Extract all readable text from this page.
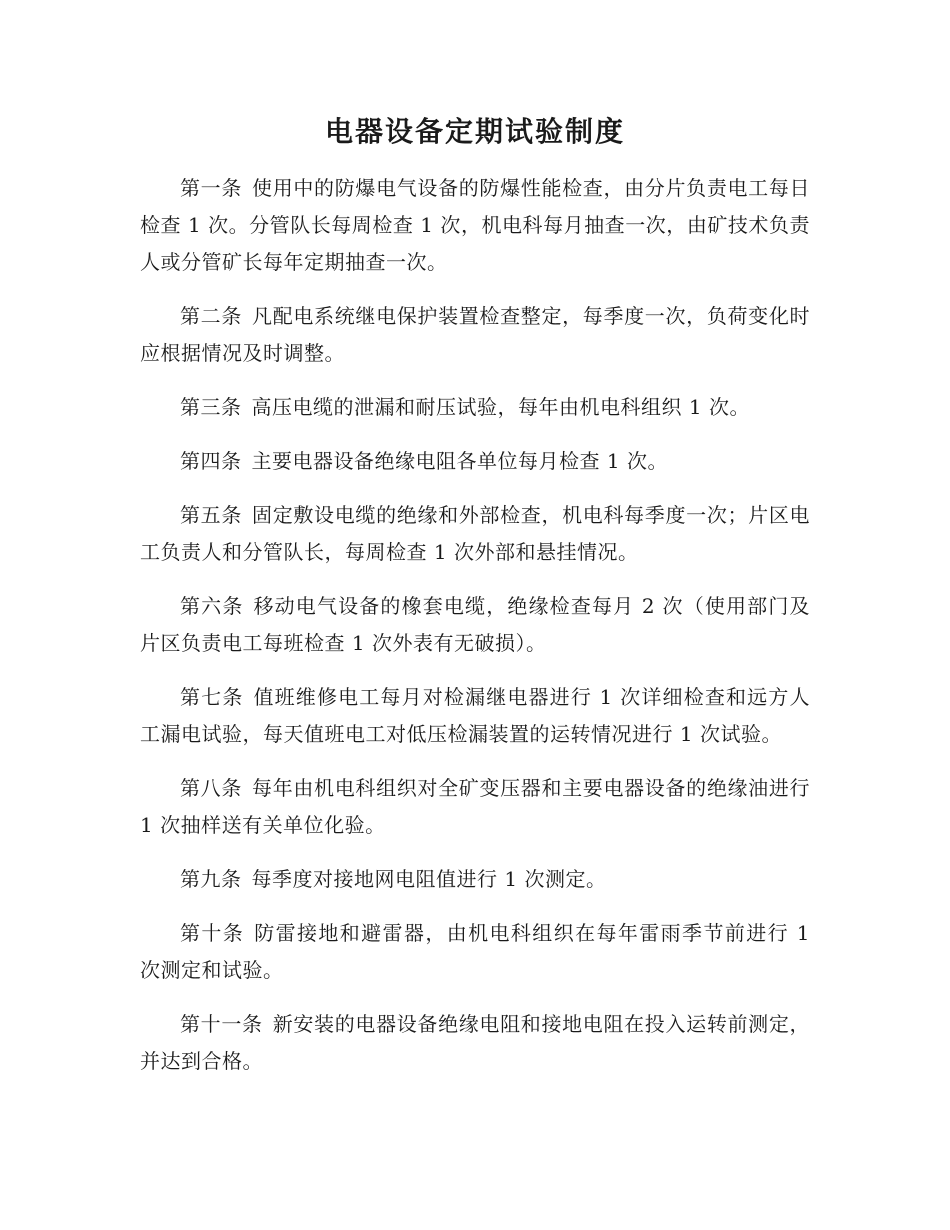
电器设备定期试验制度

第一条 使用中的防爆电气设备的防爆性能检查，由分片负责电工每日检查 1 次。分管队长每周检查 1 次，机电科每月抽查一次，由矿技术负责人或分管矿长每年定期抽查一次。

第二条 凡配电系统继电保护装置检查整定，每季度一次，负荷变化时应根据情况及时调整。

第三条 高压电缆的泄漏和耐压试验，每年由机电科组织 1 次。

第四条 主要电器设备绝缘电阻各单位每月检查 1 次。

第五条 固定敷设电缆的绝缘和外部检查，机电科每季度一次；片区电工负责人和分管队长，每周检查 1 次外部和悬挂情况。

第六条 移动电气设备的橡套电缆，绝缘检查每月 2 次（使用部门及片区负责电工每班检查 1 次外表有无破损）。

第七条 值班维修电工每月对检漏继电器进行 1 次详细检查和远方人工漏电试验，每天值班电工对低压检漏装置的运转情况进行 1 次试验。

第八条 每年由机电科组织对全矿变压器和主要电器设备的绝缘油进行 1 次抽样送有关单位化验。

第九条 每季度对接地网电阻值进行 1 次测定。

第十条 防雷接地和避雷器，由机电科组织在每年雷雨季节前进行 1 次测定和试验。

第十一条 新安装的电器设备绝缘电阻和接地电阻在投入运转前测定，并达到合格。
